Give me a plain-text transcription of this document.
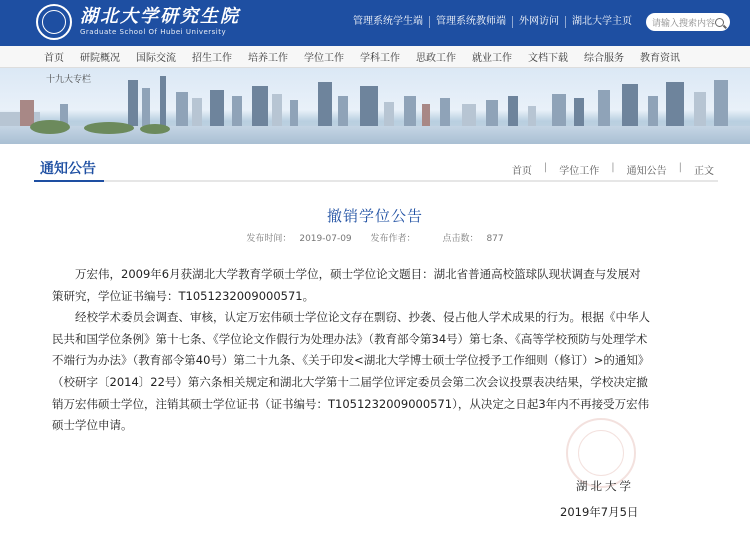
湖北大学研究生院
Graduate School Of Hubei University
管理系统学生端	管理系统教师端	外网访问	湖北大学主页	请输入搜索内容
首页 研院概况 国际交流 招生工作 培养工作 学位工作 学科工作 思政工作 就业工作 文档下载 综合服务 教育资讯
十九大专栏
通知公告	首页 | 学位工作 | 通知公告 | 正文
撤销学位公告
发布时间： 2019-07-09 发布作者：	点击数： 877

万宏伟，2009年6月获湖北大学教育学硕士学位，硕士学位论文题目：湖北省普通高校篮球队现状调查与发展对策研究，学位证书编号：T1051232009000571。

经校学术委员会调查、审核，认定万宏伟硕士学位论文存在剽窃、抄袭、侵占他人学术成果的行为。根据《中华人民共和国学位条例》第十七条、《学位论文作假行为处理办法》（教育部令第34号）第七条、《高等学校预防与处理学术不端行为办法》（教育部令第40号）第二十九条、《关于印发<湖北大学博士硕士学位授予工作细则（修订）>的通知》（校研字〔2014〕22号）第六条相关规定和湖北大学第十二届学位评定委员会第二次会议投票表决结果，学校决定撤销万宏伟硕士学位，注销其硕士学位证书（证书编号：T1051232009000571），从决定之日起3年内不再接受万宏伟硕士学位申请。

湖北大学
2019年7月5日
